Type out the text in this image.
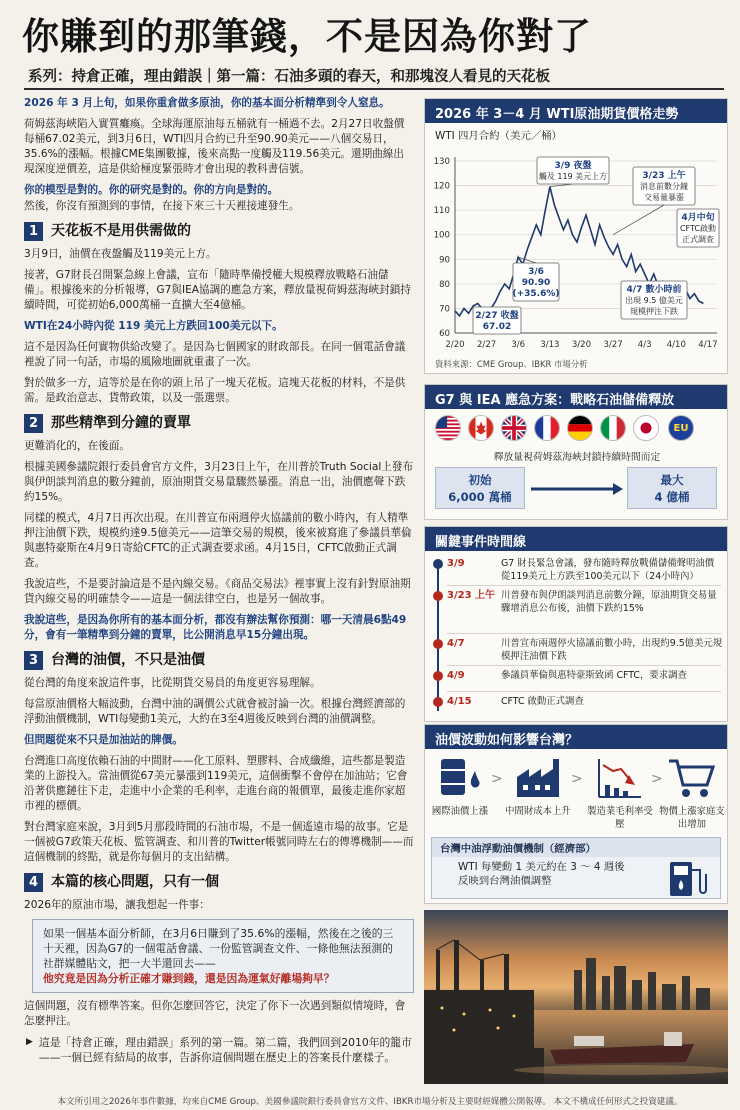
你賺到的那筆錢，不是因為你對了
系列：持倉正確，理由錯誤｜第一篇：石油多頭的春天，和那塊沒人看見的天花板

2026 年 3 月上旬，如果你重倉做多原油，你的基本面分析精準到令人窒息。

荷姆茲海峽陷入實質癱瘓。全球海運原油每五桶就有一桶過不去。2月27日收盤價每桶67.02美元，到3月6日，WTI四月合約已升至90.90美元——八個交易日，35.6%的漲幅。根據CME集團數據，後來高點一度觸及119.56美元。還期曲線出現深度逆價差，這是供給極度緊張時才會出現的教科書信號。

你的模型是對的。你的研究是對的。你的方向是對的。

然後，你沒有預測到的事情，在接下來三十天裡接連發生。

1 天花板不是用供需做的

3月9日，油價在夜盤觸及119美元上方。

接著，G7財長召開緊急線上會議，宣布「隨時準備授權大規模釋放戰略石油儲備」。根據後來的分析報導，G7與IEA協調的應急方案，釋放量視荷姆茲海峽封鎖持續時間，可從初始6,000萬桶一直擴大至4億桶。

WTI在24小時內從 119 美元上方跌回100美元以下。

這不是因為任何實物供給改變了。是因為七個國家的財政部長。在同一個電話會議裡說了同一句話，市場的風險地圖就重畫了一次。

對於做多一方，這等於是在你的頭上吊了一塊天花板。這塊天花板的材料，不是供需。是政治意志、貨幣政策，以及一張選票。

2 那些精準到分鐘的賣單

更難消化的，在後面。

根據美國參議院銀行委員會官方文件，3月23日上午，在川普於Truth Social上發布與伊朗談判消息的數分鐘前，原油期貨交易量驟然暴漲。消息一出，油價應聲下跌約15%。

同樣的模式，4月7日再次出現。在川普宣布兩週停火協議前的數小時內，有人精準押注油價下跌，規模約達9.5億美元——這筆交易的規模，後來被寫進了參議員華倫與惠特豪斯在4月9日寄給CFTC的正式調查要求函。4月15日，CFTC啟動正式調查。

我說這些，不是要討論這是不是內線交易。《商品交易法》裡事實上沒有針對原油期貨內線交易的明確禁令——這是一個法律空白，也是另一個故事。

我說這些，是因為你所有的基本面分析，都沒有辦法幫你預測：哪一天清晨6點49分，會有一筆精準到分鐘的賣單，比公開消息早15分鐘出現。

3 台灣的油價，不只是油價

從台灣的角度來說這件事，比從期貨交易員的角度更容易理解。

每當原油價格大幅波動，台灣中油的調價公式就會被討論一次。根據台灣經濟部的浮動油價機制，WTI每變動1美元，大約在3至4週後反映到台灣的油價調整。

但問題從來不只是加油站的牌價。

台灣進口高度依賴石油的中間財——化工原料、塑膠料、合成纖維，這些都是製造業的上游投入。當油價從67美元暴漲到119美元，這個衝擊不會停在加油站；它會沿著供應鏈往下走，走進中小企業的毛利率，走進台商的報價單，最後走進你家超市裡的標價。

對台灣家庭來說，3月到5月那段時間的石油市場，不是一個遙遠市場的故事。它是一個被G7政策天花板、監管調查、和川普的Twitter帳號同時左右的傳導機制——而這個機制的終點，就是你每個月的支出結構。

4 本篇的核心問題，只有一個

2026年的原油市場，讓我想起一件事：

如果一個基本面分析師，在3月6日賺到了35.6%的漲幅，然後在之後的三十天裡，因為G7的一個電話會議、一份監管調查文件、一條他無法預測的社群媒體貼文，把一大半還回去——
他究竟是因為分析正確才賺到錢，還是因為運氣好離場夠早？

這個問題，沒有標準答案。但你怎麼回答它，決定了你下一次遇到類似情境時，會怎麼押注。

▶ 這是「持倉正確，理由錯誤」系列的第一篇。第二篇，我們回到2010年的籠市——一個已經有結局的故事，告訴你這個問題在歷史上的答案長什麼樣子。
2026 年 3－4 月 WTI原油期貨價格走勢
WTI 四月合約（美元／桶）
60
70
80
90
100
110
120
130
2/20 2/27 3/6 3/13 3/20 3/27 4/3 4/10 4/17
2/27 收盤
67.02
3/6
90.90
(+35.6%)
3/9 夜盤
觸及 119 美元上方	3/23 上午
消息前數分鐘
交易量暴漲
4/7 數小時前
出現 9.5 億美元
規模押注下跌
4月中旬
CFTC啟動
正式調查
資料來源：CME Group、IBKR 市場分析
G7 與 IEA 應急方案：戰略石油儲備釋放
EU
釋放量視荷姆茲海峽封鎖持續時間而定
初始
6,000 萬桶
最大
4 億桶
關鍵事件時間線
3/9	G7 財長緊急會議，發布隨時釋放戰備儲備聲明油價從119美元上方跌至100美元以下（24小時內）
3/23 上午 川普發布與伊朗談判消息前數分鐘，原油期貨交易量驟增消息公布後，油價下跌約15%
4/7	川普宣布兩週停火協議前數小時，出現約9.5億美元規模押注油價下跌
4/9	參議員華倫與惠特豪斯致函 CFTC，要求調查
4/15	CFTC 啟動正式調查
油價波動如何影響台灣？
>	>	>
國際油價上漲	中間財成本上升 製造業毛利率受壓
物價上漲家庭支出增加
台灣中油浮動油價機制（經濟部）
WTI 每變動 1 美元約在 3 ～ 4 週後反映到台灣油價調整
本文所引用之2026年事件數據，均來自CME Group、美國參議院銀行委員會官方文件、IBKR市場分析及主要財經媒體公開報導。 本文不構成任何形式之投資建議。
